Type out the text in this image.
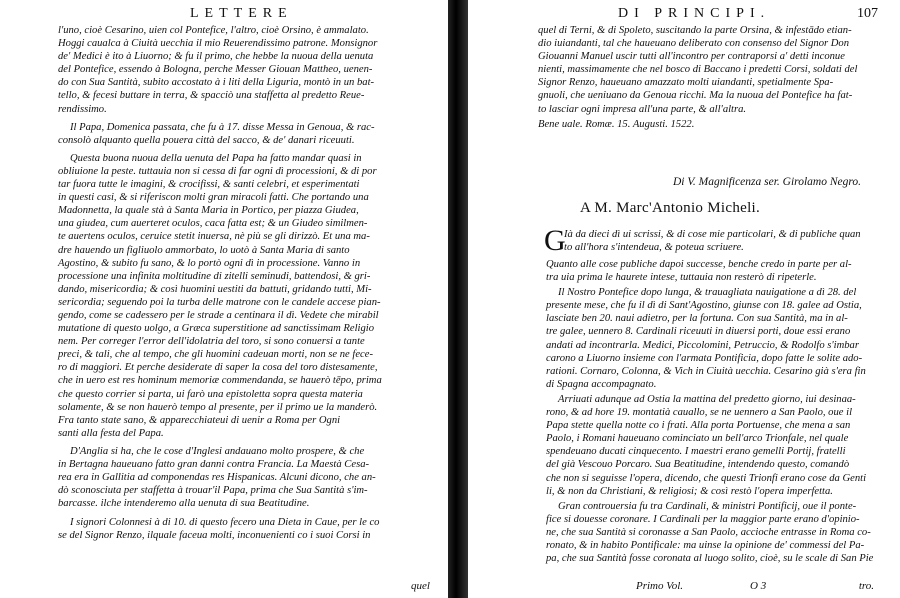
LETTERE
l'uno, cioè Cesarino, uien col Pontefice, l'altro, cioè Orsino, è ammalato.
Hoggi caualca à Ciuità uecchia il mio Reuerendissimo patrone. Monsignor
de' Medici è ito à Liuorno; & fu il primo, che hebbe la nuoua della uenuta
del Pontefice, essendo à Bologna, perche Messer Giouan Mattheo, uenen-
do con Sua Santità, subito accostato à i liti della Liguria, montò in un bat-
tello, & fecesi buttare in terra, & spacciò una staffetta al predetto Reue-
rendissimo.
Il Papa, Domenica passata, che fu à 17. disse Messa in Genoua, & rac-
consolò alquanto quella pouera città del sacco, & de' danari riceuuti.
Questa buona nuoua della uenuta del Papa ha fatto mandar quasi in
obliuione la peste. tuttauia non si cessa di far ogni dì processioni, & di por
tar fuora tutte le imagini, & crocifissi, & santi celebri, et esperimentati
in questi casi, & si riferiscon molti gran miracoli fatti. Che portando una
Madonnetta, la quale stà à Santa Maria in Portico, per piazza Giudea,
una giudea, cum auerteret oculos, caca fatta est; & un Giudeo similmen-
te auertens oculos, ceruice stetit inuersa, nè più se gli dirizzò. Et una ma-
dre hauendo un figliuolo ammorbato, lo uotò à Santa Maria di santo
Agostino, & subito fu sano, & lo portò ogni dì in processione. Vanno in
processione una infinita moltitudine di zitelli seminudi, battendosi, & gri-
dando, misericordia; & così huomini uestiti da battuti, gridando tutti, Mi-
sericordia; seguendo poi la turba delle matrone con le candele accese pian-
gendo, come se cadessero per le strade a centinara il dì. Vedete che mirabil
mutatione di questo uolgo, a Græca superstitione ad sanctissimam Religio
nem. Per correger l'error dell'idolatria del toro, si sono conuersi a tante
preci, & tali, che al tempo, che gli huomini cadeuan morti, non se ne fece-
ro di maggiori. Et perche desiderate di saper la cosa del toro distesamente,
che in uero est res hominum memoriæ commendanda, se hauerò tēpo, prima
che questo corrier si parta, ui farò una epistoletta sopra questa materia
solamente, & se non hauerò tempo al presente, per il primo ue la manderò.
Fra tanto state sano, & apparecchiateui di uenir a Roma per Ogni
santi alla festa del Papa.
D'Anglia si ha, che le cose d'Inglesi andauano molto prospere, & che
in Bertagna haueuano fatto gran danni contra Francia. La Maestà Cesa-
rea era in Gallitia ad componendas res Hispanicas. Alcuni dicono, che an-
dò sconosciuta per staffetta à trouar'il Papa, prima che Sua Santità s'im-
barcasse. ilche intenderemo alla uenuta di sua Beatitudine.
I signori Colonnesi à di 10. di questo fecero una Dieta in Caue, per le co
se del Signor Renzo, ilquale faceua molti, inconuenienti co i suoi Corsi in
quel
DI PRINCIPI.	107
quel di Terni, & di Spoleto, suscitando la parte Orsina, & infestādo etian-
dio iuiandanti, tal che haueuano deliberato con consenso del Signor Don
Giouanni Manuel uscir tutti all'incontro per contraporsi a' detti inconue
nienti, massimamente che nel bosco di Baccano i predetti Corsi, soldati del
Signor Renzo, haueuano amazzato molti uiandanti, spetialmente Spa-
gnuoli, che ueniuano da Genoua ricchi. Ma la nuoua del Pontefice ha fat-
to lasciar ogni impresa all'una parte, & all'altra.
Bene uale. Romæ. 15. Augusti. 1522.
Di V. Magnificenza ser. Girolamo Negro.
A M. Marc'Antonio Micheli.
G
Ià da dieci dì ui scrissi, & di cose mie particolari, & di publiche quan
to all'hora s'intendeua, & poteua scriuere.
Quanto alle cose publiche dapoi successe, benche credo in parte per al-
tra uia prima le haurete intese, tuttauia non resterò di ripeterle.
Il Nostro Pontefice dopo lunga, & trauagliata nauigatione a dì 28. del
presente mese, che fu il dì di Sant'Agostino, giunse con 18. galee ad Ostia,
lasciate ben 20. naui adietro, per la fortuna. Con sua Santità, ma in al-
tre galee, uennero 8. Cardinali riceuuti in diuersi porti, doue essi erano
andati ad incontrarla. Medici, Piccolomini, Petruccio, & Rodolfo s'imbar
carono a Liuorno insieme con l'armata Pontificia, dopo fatte le solite ado-
rationi. Cornaro, Colonna, & Vich in Ciuità uecchia. Cesarino già s'era fin
di Spagna accompagnato.
Arriuati adunque ad Ostia la mattina del predetto giorno, iui desinaa-
rono, & ad hore 19. montatià cauallo, se ne uennero a San Paolo, oue il
Papa stette quella notte co i frati. Alla porta Portuense, che mena a san
Paolo, i Romani haueuano cominciato un bell'arco Trionfale, nel quale
spendeuano ducati cinquecento. I maestri erano gemelli Portij, fratelli
del già Vescouo Porcaro. Sua Beatitudine, intendendo questo, comandò
che non si seguisse l'opera, dicendo, che questi Trionfi erano cose da Genti
li, & non da Christiani, & religiosi; & così restò l'opera imperfetta.
Gran controuersia fu tra Cardinali, & ministri Pontificij, oue il ponte-
fice si douesse coronare. I Cardinali per la maggior parte erano d'opinio-
ne, che sua Santità si coronasse a San Paolo, accioche entrasse in Roma co-
ronato, & in habito Pontificale: ma uinse la opinione de' commessi del Pa-
pa, che sua Santità fosse coronata al luogo solito, cioè, su le scale di San Pie
Primo Vol.	O 3	tro.
